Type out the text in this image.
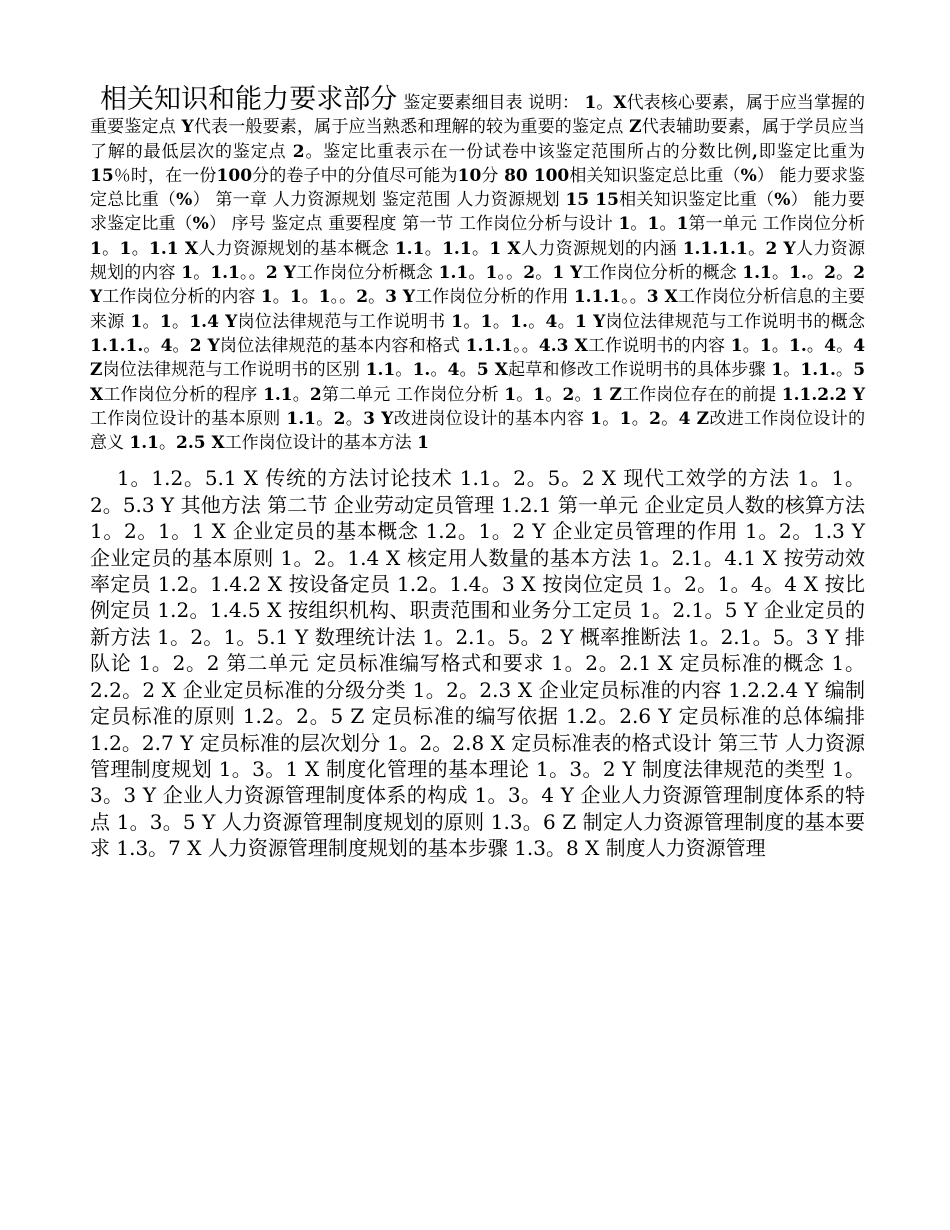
相关知识和能力要求部分 鉴定要素细目表 说明： 1。X代表核心要素，属于应当掌握的重要鉴定点 Y代表一般要素，属于应当熟悉和理解的较为重要的鉴定点 Z代表辅助要素，属于学员应当了解的最低层次的鉴定点 2。鉴定比重表示在一份试卷中该鉴定范围所占的分数比例,即鉴定比重为15％时，在一份100分的卷子中的分值尽可能为10分 80 100相关知识鉴定总比重（%） 能力要求鉴定总比重（%） 第一章 人力资源规划 鉴定范围 人力资源规划 15 15相关知识鉴定比重（%） 能力要求鉴定比重（%） 序号 鉴定点 重要程度 第一节 工作岗位分析与设计 1。1。1第一单元 工作岗位分析 1。1。1.1 X人力资源规划的基本概念 1.1。1.1。1 X人力资源规划的内涵 1.1.1.1。2 Y人力资源规划的内容 1。1.1。。2 Y工作岗位分析概念 1.1。1。。2。1 Y工作岗位分析的概念 1.1。1.。2。2 Y工作岗位分析的内容 1。1。1。。2。3 Y工作岗位分析的作用 1.1.1。。3 X工作岗位分析信息的主要来源 1。1。1.4 Y岗位法律规范与工作说明书 1。1。1.。4。1 Y岗位法律规范与工作说明书的概念 1.1.1.。4。2 Y岗位法律规范的基本内容和格式 1.1.1。。4.3 X工作说明书的内容 1。1。1.。4。4 Z岗位法律规范与工作说明书的区别 1.1。1.。4。5 X起草和修改工作说明书的具体步骤 1。1.1.。5 X工作岗位分析的程序 1.1。2第二单元 工作岗位分析 1。1。2。1 Z工作岗位存在的前提 1.1.2.2 Y工作岗位设计的基本原则 1.1。2。3 Y改进岗位设计的基本内容 1。1。2。4 Z改进工作岗位设计的意义 1.1。2.5 X工作岗位设计的基本方法 1

1。1.2。5.1 X 传统的方法讨论技术 1.1。2。5。2 X 现代工效学的方法 1。1。2。5.3 Y 其他方法 第二节 企业劳动定员管理 1.2.1 第一单元 企业定员人数的核算方法 1。2。1。1 X 企业定员的基本概念 1.2。1。2 Y 企业定员管理的作用 1。2。1.3 Y 企业定员的基本原则 1。2。1.4 X 核定用人数量的基本方法 1。2.1。4.1 X 按劳动效率定员 1.2。1.4.2 X 按设备定员 1.2。1.4。3 X 按岗位定员 1。2。1。4。4 X 按比例定员 1.2。1.4.5 X 按组织机构、职责范围和业务分工定员 1。2.1。5 Y 企业定员的新方法 1。2。1。5.1 Y 数理统计法 1。2.1。5。2 Y 概率推断法 1。2.1。5。3 Y 排队论 1。2。2 第二单元 定员标准编写格式和要求 1。2。2.1 X 定员标准的概念 1。2.2。2 X 企业定员标准的分级分类 1。2。2.3 X 企业定员标准的内容 1.2.2.4 Y 编制定员标准的原则 1.2。2。5 Z 定员标准的编写依据 1.2。2.6 Y 定员标准的总体编排 1.2。2.7 Y 定员标准的层次划分 1。2。2.8 X 定员标准表的格式设计 第三节 人力资源管理制度规划 1。3。1 X 制度化管理的基本理论 1。3。2 Y 制度法律规范的类型 1。3。3 Y 企业人力资源管理制度体系的构成 1。3。4 Y 企业人力资源管理制度体系的特点 1。3。5 Y 人力资源管理制度规划的原则 1.3。6 Z 制定人力资源管理制度的基本要求 1.3。7 X 人力资源管理制度规划的基本步骤 1.3。8 X 制度人力资源管理
